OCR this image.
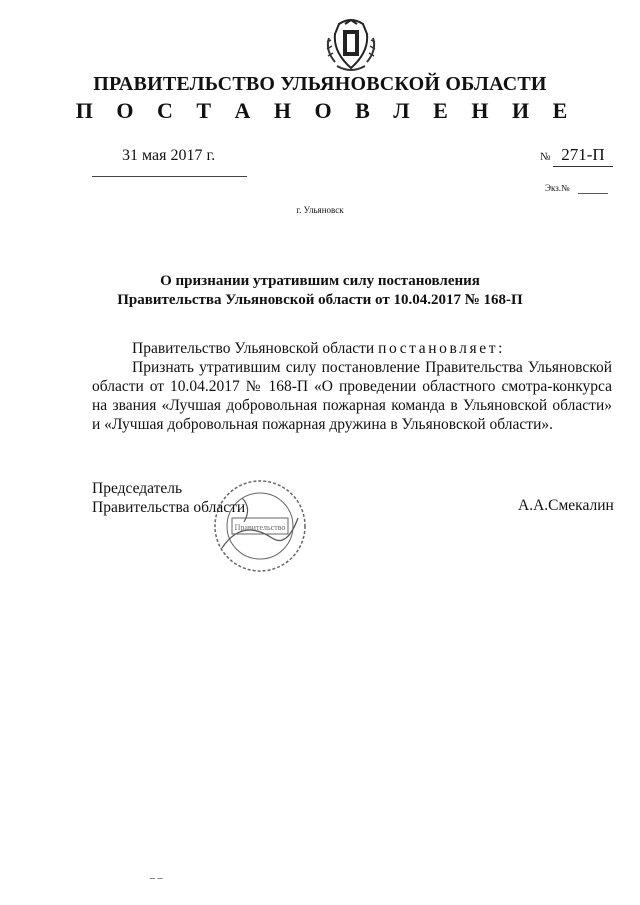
ПРАВИТЕЛЬСТВО УЛЬЯНОВСКОЙ ОБЛАСТИ
П О С Т А Н О В Л Е Н И Е
31 мая 2017 г.	№ 271-П
Экз.№
г. Ульяновск
О признании утратившим силу постановления
Правительства Ульяновской области от 10.04.2017 № 168-П
Правительство Ульяновской области постановляет:

Признать утратившим силу постановление Правительства Ульяновской области от 10.04.2017 № 168-П «О проведении областного смотра-конкурса на звания «Лучшая добровольная пожарная команда в Ульяновской области» и «Лучшая добровольная пожарная дружина в Ульяновской области».

Председатель
Правительства области
Правительство
А.А.Смекалин
– –
